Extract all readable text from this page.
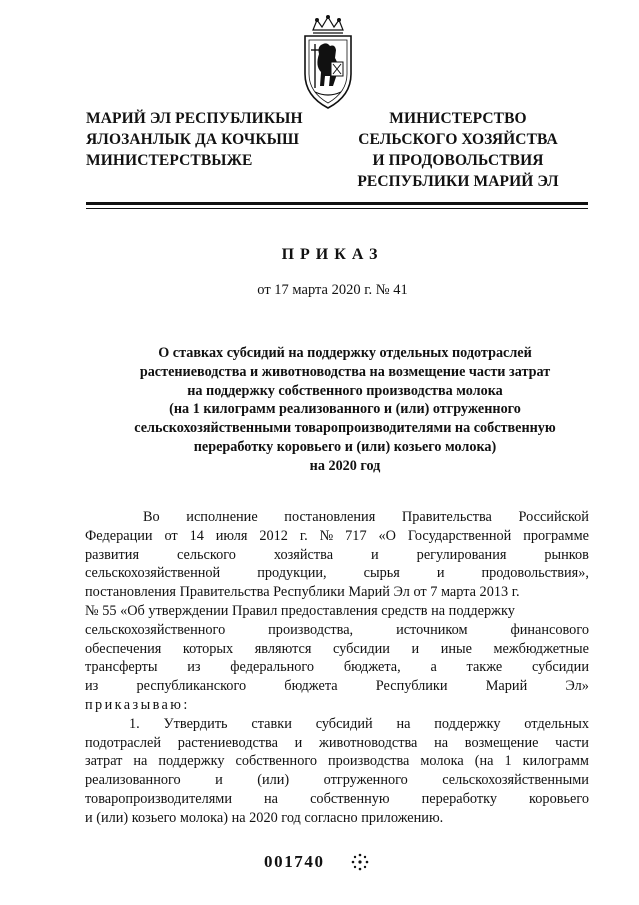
МАРИЙ ЭЛ РЕСПУБЛИКЫН
ЯЛОЗАНЛЫК ДА КОЧКЫШ
МИНИСТЕРСТВЫЖЕ
МИНИСТЕРСТВО
СЕЛЬСКОГО ХОЗЯЙСТВА
И ПРОДОВОЛЬСТВИЯ
РЕСПУБЛИКИ МАРИЙ ЭЛ
ПРИКАЗ
от 17 марта 2020 г. № 41
О ставках субсидий на поддержку отдельных подотраслей
растениеводства и животноводства на возмещение части затрат
на поддержку собственного производства молока
(на 1 килограмм реализованного и (или) отгруженного
сельскохозяйственными товаропроизводителями на собственную
переработку коровьего и (или) козьего молока)
на 2020 год
Во исполнение постановления Правительства Российской
Федерации от 14 июля 2012 г. № 717 «О Государственной программе
развития	сельского	хозяйства	и	регулирования	рынков
сельскохозяйственной	продукции,	сырья	и	продовольствия»,
постановления Правительства Республики Марий Эл от 7 марта 2013 г.
№ 55 «Об утверждении Правил предоставления средств на поддержку
сельскохозяйственного	производства,	источником	финансового
обеспечения которых являются субсидии и иные межбюджетные
трансферты из федерального бюджета, а также субсидии
из	республиканского	бюджета	Республики	Марий	Эл»
приказываю:
1. Утвердить ставки субсидий на поддержку отдельных
подотраслей растениеводства и животноводства на возмещение части
затрат на поддержку собственного производства молока (на 1 килограмм
реализованного и (или) отгруженного сельскохозяйственными
товаропроизводителями на собственную переработку коровьего
и (или) козьего молока) на 2020 год согласно приложению.
001740
